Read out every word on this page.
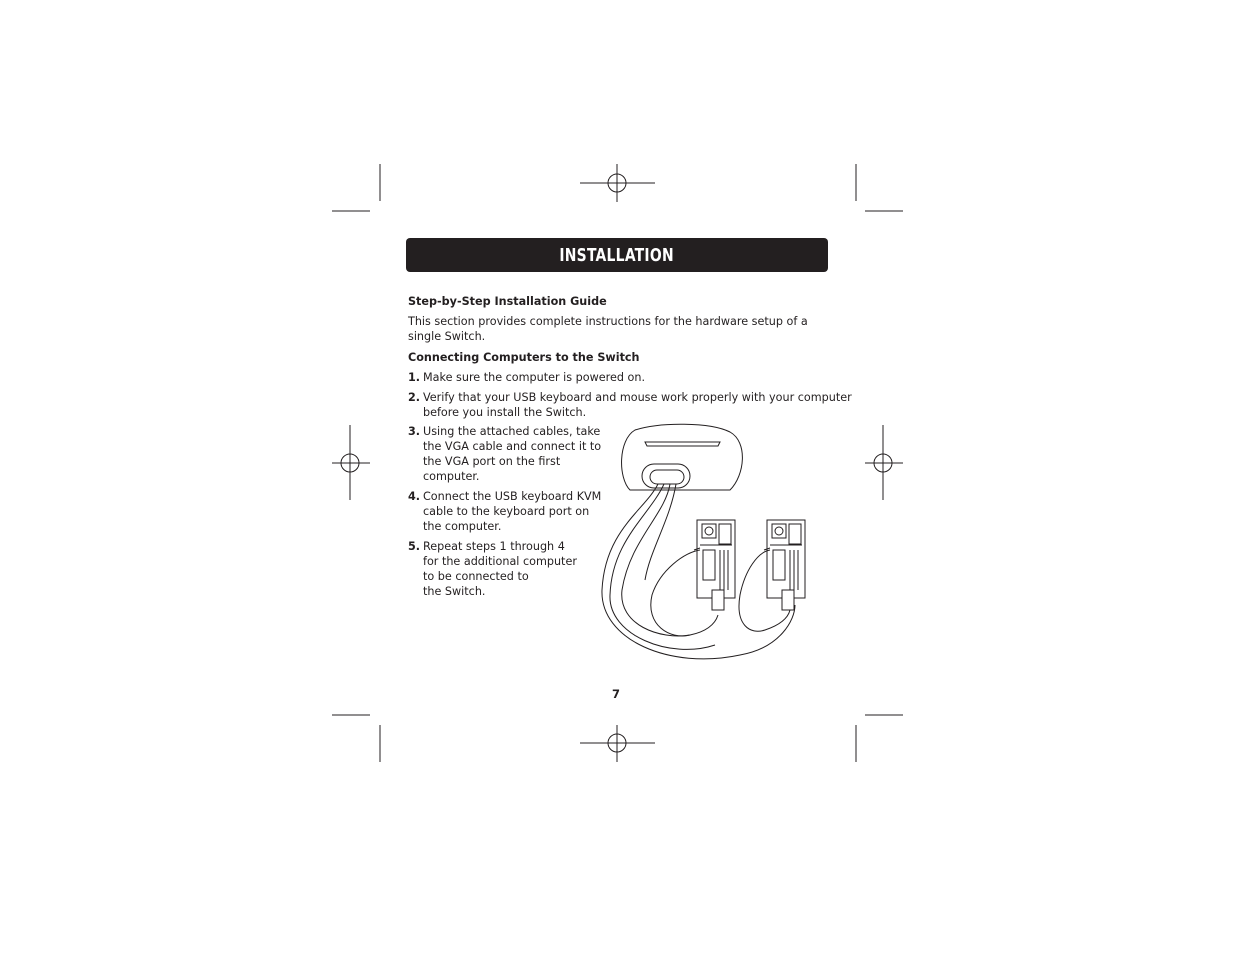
INSTALLATION
Step-by-Step Installation Guide
This section provides complete instructions for the hardware setup of a
single Switch.
Connecting Computers to the Switch
1. Make sure the computer is powered on.
2. Verify that your USB keyboard and mouse work properly with your computer
before you install the Switch.
3. Using the attached cables, take
the VGA cable and connect it to
the VGA port on the first
computer.
4. Connect the USB keyboard KVM
cable to the keyboard port on
the computer.
5. Repeat steps 1 through 4
for the additional computer
to be connected to
the Switch.
7
